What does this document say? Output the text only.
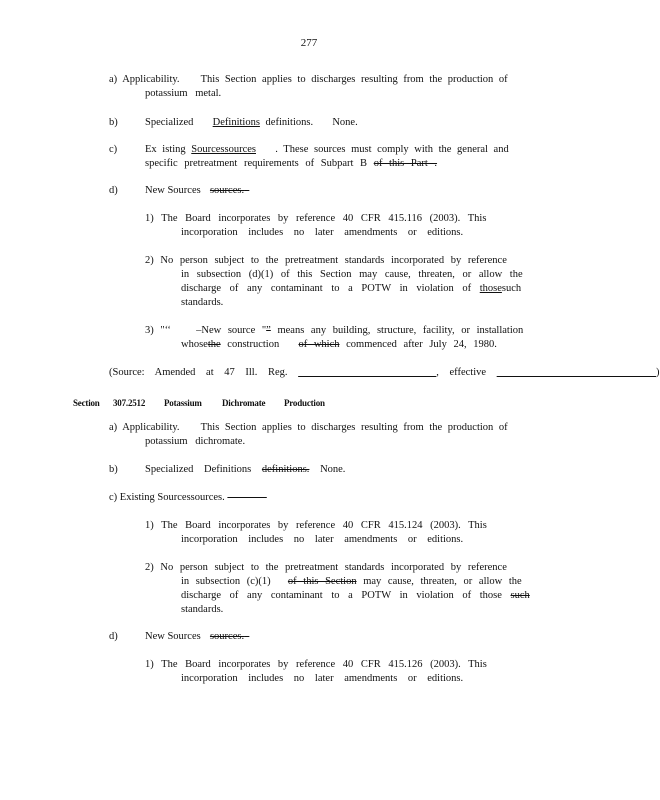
277
a) Applicability. This Section applies to discharges resulting from the production of
potassium metal.
b)	Specialized Definitions definitions. None.
c)	Ex isting Sourcessources . These sources must comply with the general and
specific pretreatment requirements of Subpart B of this Part .
d)	New Sources sources.
1) The Board incorporates by reference 40 CFR 415.116 (2003). This
incorporation includes no later amendments or editions.
2) No person subject to the pretreatment standards incorporated by reference
in subsection (d)(1) of this Section may cause, threaten, or allow the
discharge of any contaminant to a POTW in violation of thosesuch
standards.
3) "‘‘ –New source "” means any building, structure, facility, or installation
whosethe construction of which commenced after July 24, 1980.
(Source: Amended at 47 Ill. Reg.	, effective	)
Section 307.2512 Potassium Dichromate Production
a) Applicability. This Section applies to discharges resulting from the production of
potassium dichromate.
b)	Specialized Definitions definitions. None.
c) Existing Sourcessources.
1) The Board incorporates by reference 40 CFR 415.124 (2003). This
incorporation includes no later amendments or editions.
2) No person subject to the pretreatment standards incorporated by reference
in subsection (c)(1) of this Section may cause, threaten, or allow the
discharge of any contaminant to a POTW in violation of those such
standards.
d)	New Sources sources.
1) The Board incorporates by reference 40 CFR 415.126 (2003). This
incorporation includes no later amendments or editions.
